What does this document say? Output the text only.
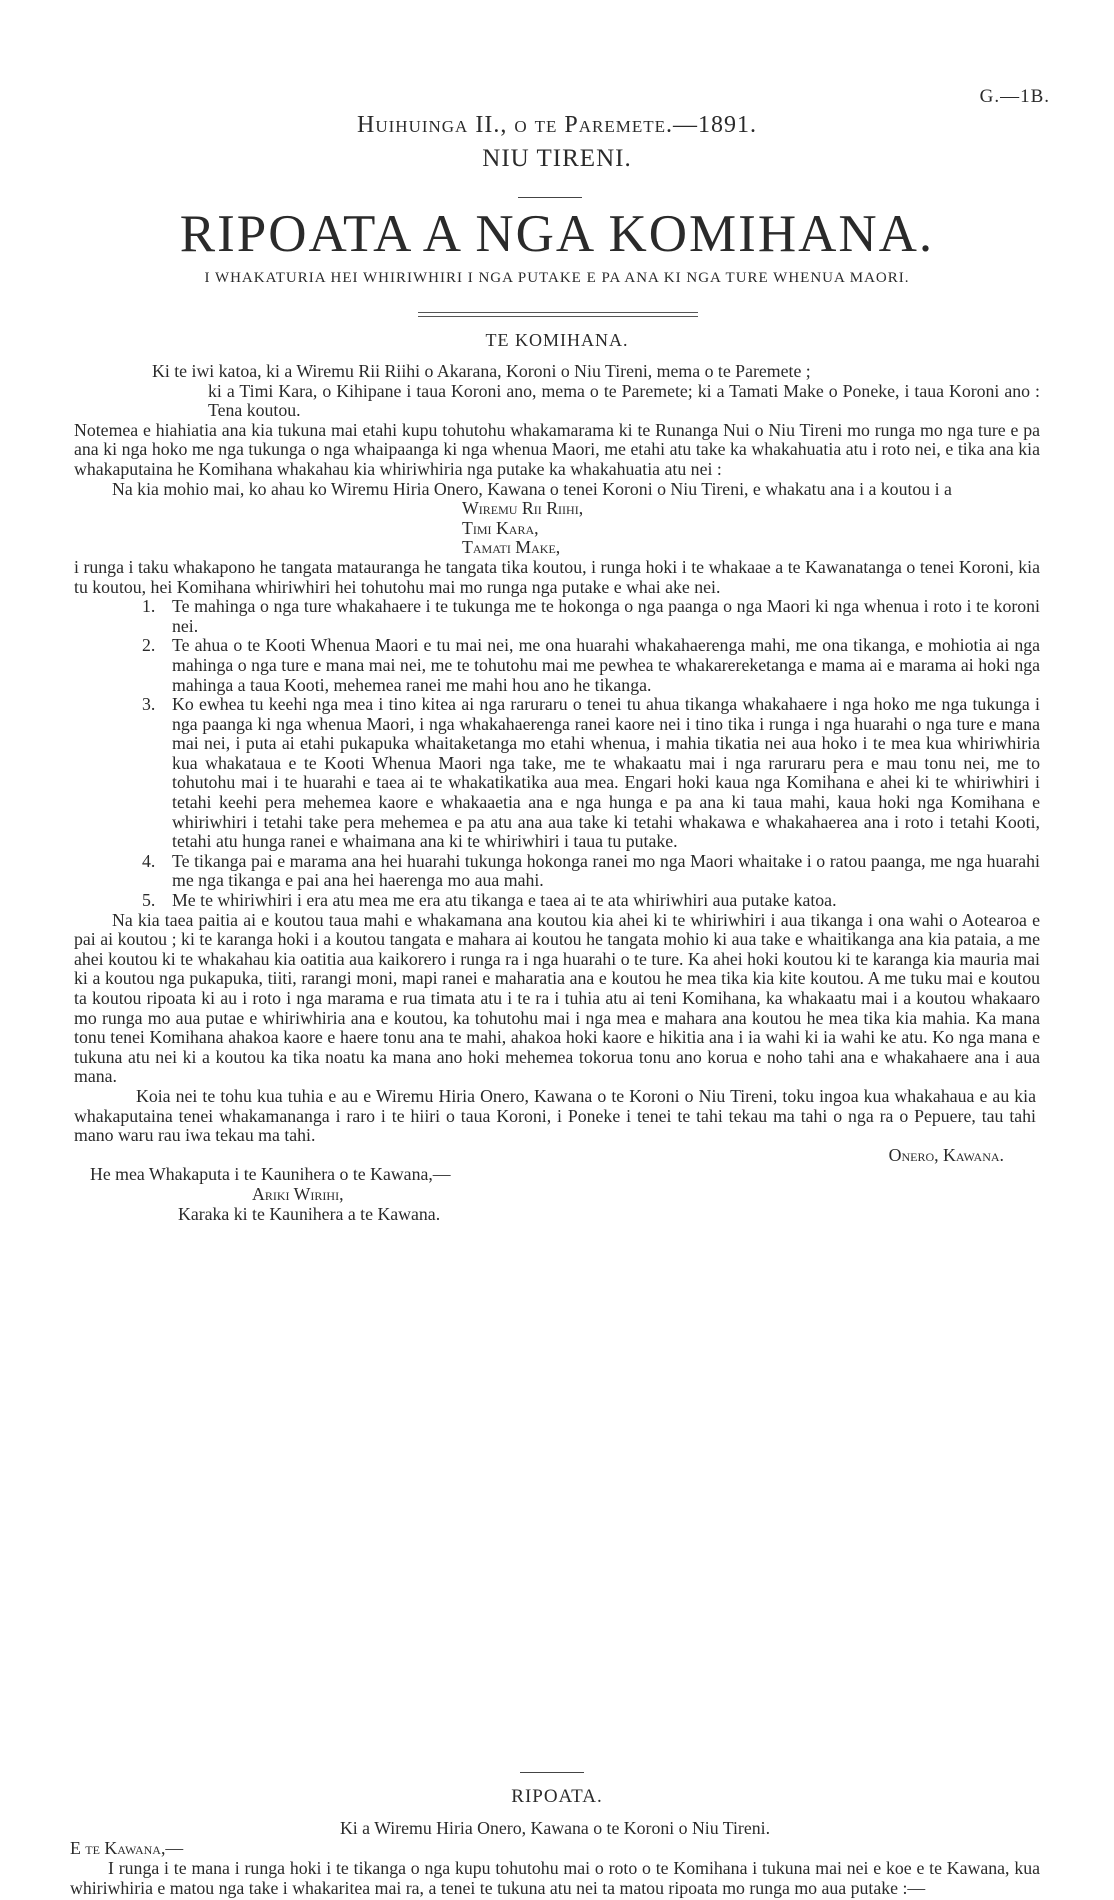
G.—1B.
Huihuinga II., o te Paremete.—1891.
NIU TIRENI.
RIPOATA A NGA KOMIHANA.
I WHAKATURIA HEI WHIRIWHIRI I NGA PUTAKE E PA ANA KI NGA TURE WHENUA MAORI.
TE KOMIHANA.

Ki te iwi katoa, ki a Wiremu Rii Riihi o Akarana, Koroni o Niu Tireni, mema o te Paremete ;

ki a Timi Kara, o Kihipane i taua Koroni ano, mema o te Paremete; ki a Tamati Make o Poneke, i taua Koroni ano : Tena koutou.

Notemea e hiahiatia ana kia tukuna mai etahi kupu tohutohu whakamarama ki te Runanga Nui o Niu Tireni mo runga mo nga ture e pa ana ki nga hoko me nga tukunga o nga whaipaanga ki nga whenua Maori, me etahi atu take ka whakahuatia atu i roto nei, e tika ana kia whakaputaina he Komihana whakahau kia whiriwhiria nga putake ka whakahuatia atu nei :

Na kia mohio mai, ko ahau ko Wiremu Hiria Onero, Kawana o tenei Koroni o Niu Tireni, e whakatu ana i a koutou i a

Wiremu Rii Riihi,
Timi Kara,
Tamati Make,

i runga i taku whakapono he tangata matauranga he tangata tika koutou, i runga hoki i te whakaae a te Kawanatanga o tenei Koroni, kia tu koutou, hei Komihana whiriwhiri hei tohutohu mai mo runga nga putake e whai ake nei.

1. Te mahinga o nga ture whakahaere i te tukunga me te hokonga o nga paanga o nga Maori ki nga whenua i roto i te koroni nei.

2. Te ahua o te Kooti Whenua Maori e tu mai nei, me ona huarahi whakahaerenga mahi, me ona tikanga, e mohiotia ai nga mahinga o nga ture e mana mai nei, me te tohutohu mai me pewhea te whakarereketanga e mama ai e marama ai hoki nga mahinga a taua Kooti, mehemea ranei me mahi hou ano he tikanga.

3. Ko ewhea tu keehi nga mea i tino kitea ai nga raruraru o tenei tu ahua tikanga whakahaere i nga hoko me nga tukunga i nga paanga ki nga whenua Maori, i nga whakahaerenga ranei kaore nei i tino tika i runga i nga huarahi o nga ture e mana mai nei, i puta ai etahi pukapuka whaitaketanga mo etahi whenua, i mahia tikatia nei aua hoko i te mea kua whiriwhiria kua whakataua e te Kooti Whenua Maori nga take, me te whakaatu mai i nga raruraru pera e mau tonu nei, me to tohutohu mai i te huarahi e taea ai te whakatikatika aua mea. Engari hoki kaua nga Komihana e ahei ki te whiriwhiri i tetahi keehi pera mehemea kaore e whakaaetia ana e nga hunga e pa ana ki taua mahi, kaua hoki nga Komihana e whiriwhiri i tetahi take pera mehemea e pa atu ana aua take ki tetahi whakawa e whakahaerea ana i roto i tetahi Kooti, tetahi atu hunga ranei e whaimana ana ki te whiriwhiri i taua tu putake.

4. Te tikanga pai e marama ana hei huarahi tukunga hokonga ranei mo nga Maori whaitake i o ratou paanga, me nga huarahi me nga tikanga e pai ana hei haerenga mo aua mahi.

5. Me te whiriwhiri i era atu mea me era atu tikanga e taea ai te ata whiriwhiri aua putake katoa.

Na kia taea paitia ai e koutou taua mahi e whakamana ana koutou kia ahei ki te whiriwhiri i aua tikanga i ona wahi o Aotearoa e pai ai koutou ; ki te karanga hoki i a koutou tangata e mahara ai koutou he tangata mohio ki aua take e whaitikanga ana kia pataia, a me ahei koutou ki te whakahau kia oatitia aua kaikorero i runga ra i nga huarahi o te ture. Ka ahei hoki koutou ki te karanga kia mauria mai ki a koutou nga pukapuka, tiiti, rarangi moni, mapi ranei e maharatia ana e koutou he mea tika kia kite koutou. A me tuku mai e koutou ta koutou ripoata ki au i roto i nga marama e rua timata atu i te ra i tuhia atu ai teni Komihana, ka whakaatu mai i a koutou whakaaro mo runga mo aua putae e whiriwhiria ana e koutou, ka tohutohu mai i nga mea e mahara ana koutou he mea tika kia mahia. Ka mana tonu tenei Komihana ahakoa kaore e haere tonu ana te mahi, ahakoa hoki kaore e hikitia ana i ia wahi ki ia wahi ke atu. Ko nga mana e tukuna atu nei ki a koutou ka tika noatu ka mana ano hoki mehemea tokorua tonu ano korua e noho tahi ana e whakahaere ana i aua mana.

Koia nei te tohu kua tuhia e au e Wiremu Hiria Onero, Kawana o te Koroni o Niu Tireni, toku ingoa kua whakahaua e au kia whakaputaina tenei whakamananga i raro i te hiiri o taua Koroni, i Poneke i tenei te tahi tekau ma tahi o nga ra o Pepuere, tau tahi mano waru rau iwa tekau ma tahi.

Onero, Kawana.
He mea Whakaputa i te Kaunihera o te Kawana,—
Ariki Wirihi,
Karaka ki te Kaunihera a te Kawana.
RIPOATA.

Ki a Wiremu Hiria Onero, Kawana o te Koroni o Niu Tireni.

E te Kawana,—

I runga i te mana i runga hoki i te tikanga o nga kupu tohutohu mai o roto o te Komihana i tukuna mai nei e koe e te Kawana, kua whiriwhiria e matou nga take i whakaritea mai ra, a tenei te tukuna atu nei ta matou ripoata mo runga mo aua putake :—
